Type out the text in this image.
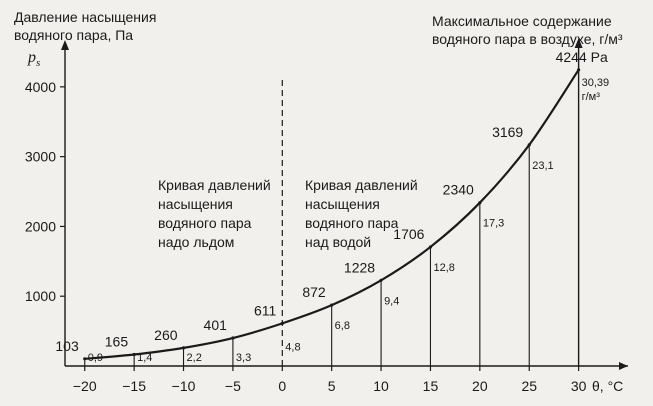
1000
2000
3000
4000
−20 −15 −10 −5	0	5	10 15 20 25 30
$p_s$
θ, °C
103 165 260
401
611
872
1228
1706
2340
3169
4244 Pa
0,9	1,4	2,2	3,3
4,8
6,8
9,4
12,8
17,3
23,1
30,39
г/м³
Давление насыщения
водяного пара, Па
Максимальное содержание
водяного пара в воздухе, г/м³
Кривая давлений
насыщения
водяного пара
надо льдом
Кривая давлений
насыщения
водяного пара
над водой
